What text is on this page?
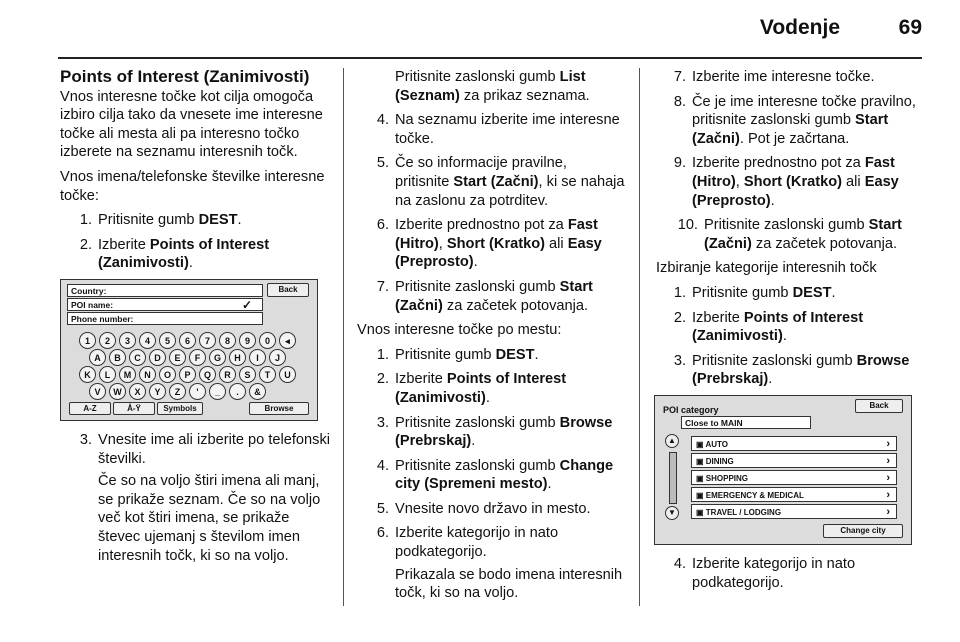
Vodenje	69
Points of Interest (Zanimivosti)

Vnos interesne točke kot cilja omogoča izbiro cilja tako da vnesete ime interesne točke ali mesta ali pa interesno točko izberete na seznamu interesnih točk.

Vnos imena/telefonske številke interesne točke:

1. Pritisnite gumb DEST.
2. Izberite Points of Interest (Zanimivosti).
Country:	Back
POI name:	✓
Phone number:
1	2	3	4	5	6	7	8	9	0	◂
A	B	C	D	E	F	G	H	I	J
K	L	M	N	O	P	Q	R	S	T	U
V	W	X	Y	Z	'	_	.	&
A-Z	Å-Ÿ	Symbols	Browse
3. Vnesite ime ali izberite po telefonski številki.
Če so na voljo štiri imena ali manj, se prikaže seznam. Če so na voljo več kot štiri imena, se prikaže števec ujemanj s številom imen interesnih točk, ki so na voljo.
Pritisnite zaslonski gumb List (Seznam) za prikaz seznama.
4. Na seznamu izberite ime interesne točke.
5. Če so informacije pravilne, pritisnite Start (Začni), ki se nahaja na zaslonu za potrditev.
6. Izberite prednostno pot za Fast (Hitro), Short (Kratko) ali Easy (Preprosto).
7. Pritisnite zaslonski gumb Start (Začni) za začetek potovanja.

Vnos interesne točke po mestu:

1. Pritisnite gumb DEST.
2. Izberite Points of Interest (Zanimivosti).
3. Pritisnite zaslonski gumb Browse (Prebrskaj).
4. Pritisnite zaslonski gumb Change city (Spremeni mesto).
5. Vnesite novo državo in mesto.
6. Izberite kategorijo in nato podkategorijo.
Prikazala se bodo imena interesnih točk, ki so na voljo.
7. Izberite ime interesne točke.
8. Če je ime interesne točke pravilno, pritisnite zaslonski gumb Start (Začni). Pot je začrtana.
9. Izberite prednostno pot za Fast (Hitro), Short (Kratko) ali Easy (Preprosto).
10. Pritisnite zaslonski gumb Start (Začni) za začetek potovanja.

Izbiranje kategorije interesnih točk

1. Pritisnite gumb DEST.
2. Izberite Points of Interest (Zanimivosti).
3. Pritisnite zaslonski gumb Browse (Prebrskaj).
POI category	Back
Close to MAIN
▲
▼
▣ AUTO	›
▣ DINING	›
▣ SHOPPING	›
▣ EMERGENCY & MEDICAL	›
▣ TRAVEL / LODGING	›
Change city
4. Izberite kategorijo in nato podkategorijo.
